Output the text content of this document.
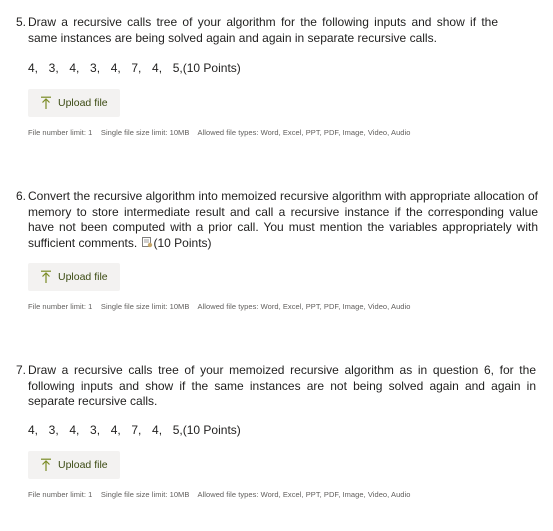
5. Draw a recursive calls tree of your algorithm for the following inputs and show if the same instances are being solved again and again in separate recursive calls.
4,  3,  4,  3,  4,  7,  4,  5,(10 Points)
Upload file
File number limit: 1    Single file size limit: 10MB    Allowed file types: Word, Excel, PPT, PDF, Image, Video, Audio
6. Convert the recursive algorithm into memoized recursive algorithm with appropriate allocation of memory to store intermediate result and call a recursive instance if the corresponding value have not been computed with a prior call. You must mention the variables appropriately with sufficient comments. (10 Points)
Upload file
File number limit: 1    Single file size limit: 10MB    Allowed file types: Word, Excel, PPT, PDF, Image, Video, Audio
7. Draw a recursive calls tree of your memoized recursive algorithm as in question 6, for the following inputs and show if the same instances are not being solved again and again in separate recursive calls.
4,  3,  4,  3,  4,  7,  4,  5,(10 Points)
Upload file
File number limit: 1    Single file size limit: 10MB    Allowed file types: Word, Excel, PPT, PDF, Image, Video, Audio
